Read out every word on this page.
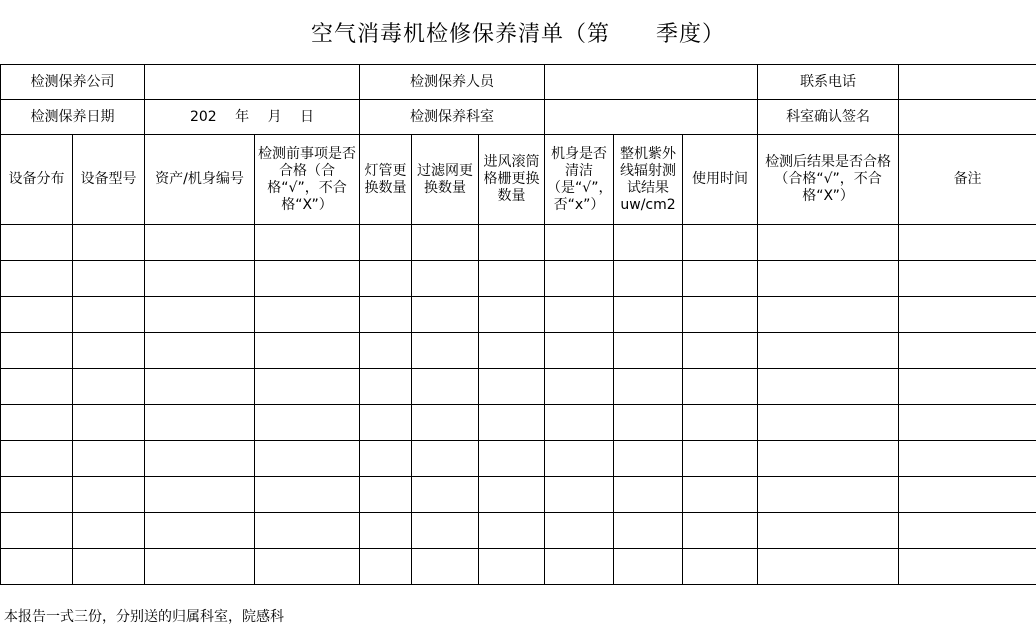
空气消毒机检修保养清单（第　　季度）
检测保养公司				检测保养人员						联系电话	
检测保养日期		202　 年　 月　 日		检测保养科室						科室确认签名	
设备分布	设备型号	资产/机身编号	检测前事项是否合格（合格“√”，不合格“X”）	灯管更换数量	过滤网更换数量	进风滚筒格栅更换数量	机身是否清洁（是“√”，否“x”）	整机紫外线辐射测试结果uw/cm2	使用时间	检测后结果是否合格（合格“√”，不合格“X”）	备注

本报告一式三份，分别送的归属科室，院感科
